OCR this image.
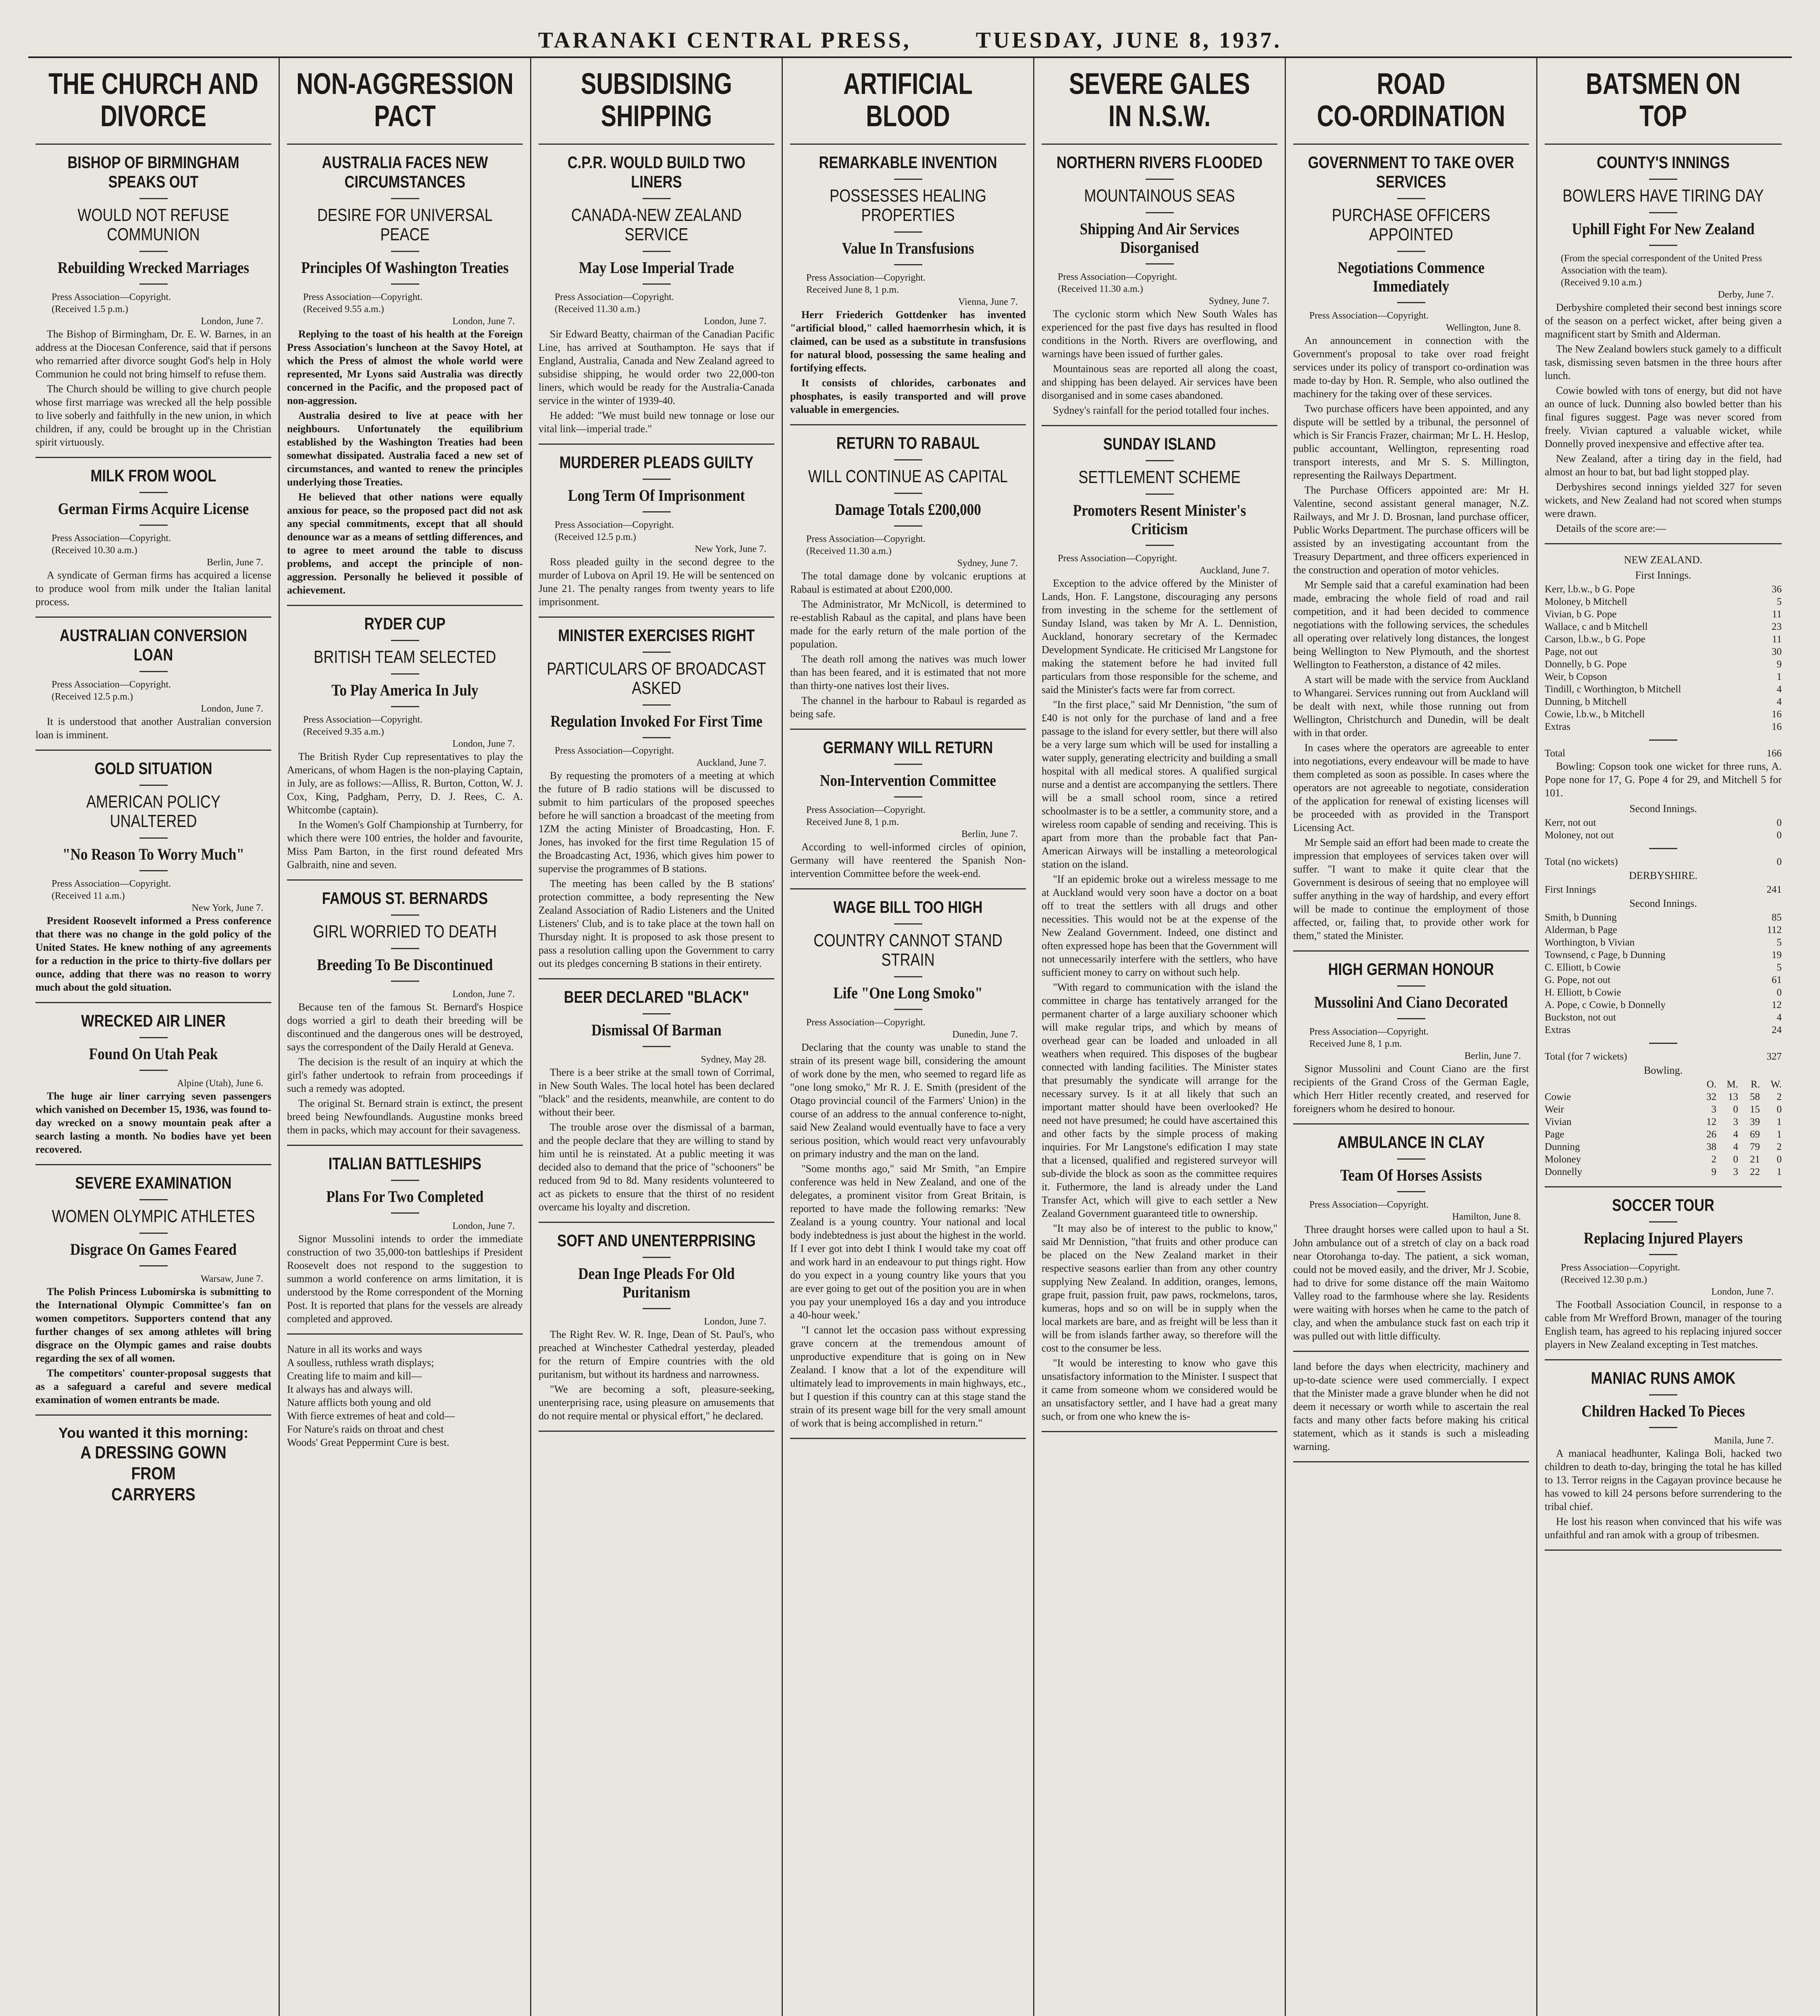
TARANAKI CENTRAL PRESS,	TUESDAY, JUNE 8, 1937.
THE CHURCH AND
DIVORCE
BISHOP OF BIRMINGHAM SPEAKS OUT
WOULD NOT REFUSE COMMUNION
Rebuilding Wrecked Marriages
Press Association—Copyright.
(Received 1.5 p.m.)
London, June 7.

The Bishop of Birmingham, Dr. E. W. Barnes, in an address at the Diocesan Conference, said that if persons who remarried after divorce sought God's help in Holy Communion he could not bring himself to refuse them.

The Church should be willing to give church people whose first marriage was wrecked all the help possible to live soberly and faithfully in the new union, in which children, if any, could be brought up in the Christian spirit virtuously.

MILK FROM WOOL
German Firms Acquire License
Press Association—Copyright.
(Received 10.30 a.m.)
Berlin, June 7.

A syndicate of German firms has acquired a license to produce wool from milk under the Italian lanital process.

AUSTRALIAN CONVERSION LOAN
Press Association—Copyright.
(Received 12.5 p.m.)
London, June 7.

It is understood that another Australian conversion loan is imminent.

GOLD SITUATION
AMERICAN POLICY UNALTERED
"No Reason To Worry Much"
Press Association—Copyright.
(Received 11 a.m.)
New York, June 7.

President Roosevelt informed a Press conference that there was no change in the gold policy of the United States. He knew nothing of any agreements for a reduction in the price to thirty-five dollars per ounce, adding that there was no reason to worry much about the gold situation.

WRECKED AIR LINER
Found On Utah Peak
Alpine (Utah), June 6.

The huge air liner carrying seven passengers which vanished on December 15, 1936, was found to-day wrecked on a snowy mountain peak after a search lasting a month. No bodies have yet been recovered.

SEVERE EXAMINATION
WOMEN OLYMPIC ATHLETES
Disgrace On Games Feared
Warsaw, June 7.

The Polish Princess Lubomirska is submitting to the International Olympic Committee's fan on women competitors. Supporters contend that any further changes of sex among athletes will bring disgrace on the Olympic games and raise doubts regarding the sex of all women.

The competitors' counter-proposal suggests that as a safeguard a careful and severe medical examination of women entrants be made.

You wanted it this morning:
A DRESSING GOWN
FROM
CARRYERS
NON-AGGRESSION
PACT
AUSTRALIA FACES NEW CIRCUMSTANCES
DESIRE FOR UNIVERSAL PEACE
Principles Of Washington Treaties
Press Association—Copyright.
(Received 9.55 a.m.)
London, June 7.

Replying to the toast of his health at the Foreign Press Association's luncheon at the Savoy Hotel, at which the Press of almost the whole world were represented, Mr Lyons said Australia was directly concerned in the Pacific, and the proposed pact of non-aggression.

Australia desired to live at peace with her neighbours. Unfortunately the equilibrium established by the Washington Treaties had been somewhat dissipated. Australia faced a new set of circumstances, and wanted to renew the principles underlying those Treaties.

He believed that other nations were equally anxious for peace, so the proposed pact did not ask any special commitments, except that all should denounce war as a means of settling differences, and to agree to meet around the table to discuss problems, and accept the principle of non-aggression. Personally he believed it possible of achievement.

RYDER CUP
BRITISH TEAM SELECTED
To Play America In July
Press Association—Copyright.
(Received 9.35 a.m.)
London, June 7.

The British Ryder Cup representatives to play the Americans, of whom Hagen is the non-playing Captain, in July, are as follows:—Alliss, R. Burton, Cotton, W. J. Cox, King, Padgham, Perry, D. J. Rees, C. A. Whitcombe (captain).

In the Women's Golf Championship at Turnberry, for which there were 100 entries, the holder and favourite, Miss Pam Barton, in the first round defeated Mrs Galbraith, nine and seven.

FAMOUS ST. BERNARDS
GIRL WORRIED TO DEATH
Breeding To Be Discontinued
London, June 7.

Because ten of the famous St. Bernard's Hospice dogs worried a girl to death their breeding will be discontinued and the dangerous ones will be destroyed, says the correspondent of the Daily Herald at Geneva.

The decision is the result of an inquiry at which the girl's father undertook to refrain from proceedings if such a remedy was adopted.

The original St. Bernard strain is extinct, the present breed being Newfoundlands. Augustine monks breed them in packs, which may account for their savageness.

ITALIAN BATTLESHIPS
Plans For Two Completed
London, June 7.

Signor Mussolini intends to order the immediate construction of two 35,000-ton battleships if President Roosevelt does not respond to the suggestion to summon a world conference on arms limitation, it is understood by the Rome correspondent of the Morning Post. It is reported that plans for the vessels are already completed and approved.

Nature in all its works and ways
A soulless, ruthless wrath displays;
Creating life to maim and kill—
It always has and always will.
Nature afflicts both young and old
With fierce extremes of heat and cold—
For Nature's raids on throat and chest
Woods' Great Peppermint Cure is best.
SUBSIDISING
SHIPPING
C.P.R. WOULD BUILD TWO LINERS
CANADA-NEW ZEALAND SERVICE
May Lose Imperial Trade
Press Association—Copyright.
(Received 11.30 a.m.)
London, June 7.

Sir Edward Beatty, chairman of the Canadian Pacific Line, has arrived at Southampton. He says that if England, Australia, Canada and New Zealand agreed to subsidise shipping, he would order two 22,000-ton liners, which would be ready for the Australia-Canada service in the winter of 1939-40.

He added: "We must build new tonnage or lose our vital link—imperial trade."

MURDERER PLEADS GUILTY
Long Term Of Imprisonment
Press Association—Copyright.
(Received 12.5 p.m.)
New York, June 7.

Ross pleaded guilty in the second degree to the murder of Lubova on April 19. He will be sentenced on June 21. The penalty ranges from twenty years to life imprisonment.

MINISTER EXERCISES RIGHT
PARTICULARS OF BROADCAST ASKED
Regulation Invoked For First Time
Press Association—Copyright.
Auckland, June 7.

By requesting the promoters of a meeting at which the future of B radio stations will be discussed to submit to him particulars of the proposed speeches before he will sanction a broadcast of the meeting from 1ZM the acting Minister of Broadcasting, Hon. F. Jones, has invoked for the first time Regulation 15 of the Broadcasting Act, 1936, which gives him power to supervise the programmes of B stations.

The meeting has been called by the B stations' protection committee, a body representing the New Zealand Association of Radio Listeners and the United Listeners' Club, and is to take place at the town hall on Thursday night. It is proposed to ask those present to pass a resolution calling upon the Government to carry out its pledges concerning B stations in their entirety.

BEER DECLARED "BLACK"
Dismissal Of Barman
Sydney, May 28.

There is a beer strike at the small town of Corrimal, in New South Wales. The local hotel has been declared "black" and the residents, meanwhile, are content to do without their beer.

The trouble arose over the dismissal of a barman, and the people declare that they are willing to stand by him until he is reinstated. At a public meeting it was decided also to demand that the price of "schooners" be reduced from 9d to 8d. Many residents volunteered to act as pickets to ensure that the thirst of no resident overcame his loyalty and discretion.

SOFT AND UNENTERPRISING
Dean Inge Pleads For Old Puritanism
London, June 7.

The Right Rev. W. R. Inge, Dean of St. Paul's, who preached at Winchester Cathedral yesterday, pleaded for the return of Empire countries with the old puritanism, but without its hardness and narrowness.

"We are becoming a soft, pleasure-seeking, unenterprising race, using pleasure on amusements that do not require mental or physical effort," he declared.

ARTIFICIAL
BLOOD
REMARKABLE INVENTION
POSSESSES HEALING PROPERTIES
Value In Transfusions
Press Association—Copyright.
Received June 8, 1 p.m.
Vienna, June 7.

Herr Friederich Gottdenker has invented "artificial blood," called haemorrhesin which, it is claimed, can be used as a substitute in transfusions for natural blood, possessing the same healing and fortifying effects.

It consists of chlorides, carbonates and phosphates, is easily transported and will prove valuable in emergencies.

RETURN TO RABAUL
WILL CONTINUE AS CAPITAL
Damage Totals £200,000
Press Association—Copyright.
(Received 11.30 a.m.)
Sydney, June 7.

The total damage done by volcanic eruptions at Rabaul is estimated at about £200,000.

The Administrator, Mr McNicoll, is determined to re-establish Rabaul as the capital, and plans have been made for the early return of the male portion of the population.

The death roll among the natives was much lower than has been feared, and it is estimated that not more than thirty-one natives lost their lives.

The channel in the harbour to Rabaul is regarded as being safe.

GERMANY WILL RETURN
Non-Intervention Committee
Press Association—Copyright.
Received June 8, 1 p.m.
Berlin, June 7.

According to well-informed circles of opinion, Germany will have reentered the Spanish Non-intervention Committee before the week-end.

WAGE BILL TOO HIGH
COUNTRY CANNOT STAND STRAIN
Life "One Long Smoko"
Press Association—Copyright.
Dunedin, June 7.

Declaring that the county was unable to stand the strain of its present wage bill, considering the amount of work done by the men, who seemed to regard life as "one long smoko," Mr R. J. E. Smith (president of the Otago provincial council of the Farmers' Union) in the course of an address to the annual conference to-night, said New Zealand would eventually have to face a very serious position, which would react very unfavourably on primary industry and the man on the land.

"Some months ago," said Mr Smith, "an Empire conference was held in New Zealand, and one of the delegates, a prominent visitor from Great Britain, is reported to have made the following remarks: 'New Zealand is a young country. Your national and local body indebtedness is just about the highest in the world. If I ever got into debt I think I would take my coat off and work hard in an endeavour to put things right. How do you expect in a young country like yours that you are ever going to get out of the position you are in when you pay your unemployed 16s a day and you introduce a 40-hour week.'

"I cannot let the occasion pass without expressing grave concern at the tremendous amount of unproductive expenditure that is going on in New Zealand. I know that a lot of the expenditure will ultimately lead to improvements in main highways, etc., but I question if this country can at this stage stand the strain of its present wage bill for the very small amount of work that is being accomplished in return."

SEVERE GALES
IN N.S.W.
NORTHERN RIVERS FLOODED
MOUNTAINOUS SEAS
Shipping And Air Services Disorganised
Press Association—Copyright.
(Received 11.30 a.m.)
Sydney, June 7.

The cyclonic storm which New South Wales has experienced for the past five days has resulted in flood conditions in the North. Rivers are overflowing, and warnings have been issued of further gales.

Mountainous seas are reported all along the coast, and shipping has been delayed. Air services have been disorganised and in some cases abandoned.

Sydney's rainfall for the period totalled four inches.

SUNDAY ISLAND
SETTLEMENT SCHEME
Promoters Resent Minister's Criticism
Press Association—Copyright.
Auckland, June 7.

Exception to the advice offered by the Minister of Lands, Hon. F. Langstone, discouraging any persons from investing in the scheme for the settlement of Sunday Island, was taken by Mr A. L. Dennistion, Auckland, honorary secretary of the Kermadec Development Syndicate. He criticised Mr Langstone for making the statement before he had invited full particulars from those responsible for the scheme, and said the Minister's facts were far from correct.

"In the first place," said Mr Dennistion, "the sum of £40 is not only for the purchase of land and a free passage to the island for every settler, but there will also be a very large sum which will be used for installing a water supply, generating electricity and building a small hospital with all medical stores. A qualified surgical nurse and a dentist are accompanying the settlers. There will be a small school room, since a retired schoolmaster is to be a settler, a community store, and a wireless room capable of sending and receiving. This is apart from more than the probable fact that Pan-American Airways will be installing a meteorological station on the island.

"If an epidemic broke out a wireless message to me at Auckland would very soon have a doctor on a boat off to treat the settlers with all drugs and other necessities. This would not be at the expense of the New Zealand Government. Indeed, one distinct and often expressed hope has been that the Government will not unnecessarily interfere with the settlers, who have sufficient money to carry on without such help.

"With regard to communication with the island the committee in charge has tentatively arranged for the permanent charter of a large auxiliary schooner which will make regular trips, and which by means of overhead gear can be loaded and unloaded in all weathers when required. This disposes of the bugbear connected with landing facilities. The Minister states that presumably the syndicate will arrange for the necessary survey. Is it at all likely that such an important matter should have been overlooked? He need not have presumed; he could have ascertained this and other facts by the simple process of making inquiries. For Mr Langstone's edification I may state that a licensed, qualified and registered surveyor will sub-divide the block as soon as the committee requires it. Futhermore, the land is already under the Land Transfer Act, which will give to each settler a New Zealand Government guaranteed title to ownership.

"It may also be of interest to the public to know," said Mr Dennistion, "that fruits and other produce can be placed on the New Zealand market in their respective seasons earlier than from any other country supplying New Zealand. In addition, oranges, lemons, grape fruit, passion fruit, paw paws, rockmelons, taros, kumeras, hops and so on will be in supply when the local markets are bare, and as freight will be less than it will be from islands farther away, so therefore will the cost to the consumer be less.

"It would be interesting to know who gave this unsatisfactory information to the Minister. I suspect that it came from someone whom we considered would be an unsatisfactory settler, and I have had a great many such, or from one who knew the is-

ROAD
CO-ORDINATION
GOVERNMENT TO TAKE OVER SERVICES
PURCHASE OFFICERS APPOINTED
Negotiations Commence Immediately
Press Association—Copyright.
Wellington, June 8.

An announcement in connection with the Government's proposal to take over road freight services under its policy of transport co-ordination was made to-day by Hon. R. Semple, who also outlined the machinery for the taking over of these services.

Two purchase officers have been appointed, and any dispute will be settled by a tribunal, the personnel of which is Sir Francis Frazer, chairman; Mr L. H. Heslop, public accountant, Wellington, representing road transport interests, and Mr S. S. Millington, representing the Railways Department.

The Purchase Officers appointed are: Mr H. Valentine, second assistant general manager, N.Z. Railways, and Mr J. D. Brosnan, land purchase officer, Public Works Department. The purchase officers will be assisted by an investigating accountant from the Treasury Department, and three officers experienced in the construction and operation of motor vehicles.

Mr Semple said that a careful examination had been made, embracing the whole field of road and rail competition, and it had been decided to commence negotiations with the following services, the schedules all operating over relatively long distances, the longest being Wellington to New Plymouth, and the shortest Wellington to Featherston, a distance of 42 miles.

A start will be made with the service from Auckland to Whangarei. Services running out from Auckland will be dealt with next, while those running out from Wellington, Christchurch and Dunedin, will be dealt with in that order.

In cases where the operators are agreeable to enter into negotiations, every endeavour will be made to have them completed as soon as possible. In cases where the operators are not agreeable to negotiate, consideration of the application for renewal of existing licenses will be proceeded with as provided in the Transport Licensing Act.

Mr Semple said an effort had been made to create the impression that employees of services taken over will suffer. "I want to make it quite clear that the Government is desirous of seeing that no employee will suffer anything in the way of hardship, and every effort will be made to continue the employment of those affected, or, failing that, to provide other work for them," stated the Minister.

HIGH GERMAN HONOUR
Mussolini And Ciano Decorated
Press Association—Copyright.
Received June 8, 1 p.m.
Berlin, June 7.

Signor Mussolini and Count Ciano are the first recipients of the Grand Cross of the German Eagle, which Herr Hitler recently created, and reserved for foreigners whom he desired to honour.

AMBULANCE IN CLAY
Team Of Horses Assists
Press Association—Copyright.
Hamilton, June 8.

Three draught horses were called upon to haul a St. John ambulance out of a stretch of clay on a back road near Otorohanga to-day. The patient, a sick woman, could not be moved easily, and the driver, Mr J. Scobie, had to drive for some distance off the main Waitomo Valley road to the farmhouse where she lay. Residents were waiting with horses when he came to the patch of clay, and when the ambulance stuck fast on each trip it was pulled out with little difficulty.

land before the days when electricity, machinery and up-to-date science were used commercially. I expect that the Minister made a grave blunder when he did not deem it necessary or worth while to ascertain the real facts and many other facts before making his critical statement, which as it stands is such a misleading warning.

BATSMEN ON
TOP
COUNTY'S INNINGS
BOWLERS HAVE TIRING DAY
Uphill Fight For New Zealand
(From the special correspondent of the United Press Association with the team).
(Received 9.10 a.m.)
Derby, June 7.

Derbyshire completed their second best innings score of the season on a perfect wicket, after being given a magnificent start by Smith and Alderman.

The New Zealand bowlers stuck gamely to a difficult task, dismissing seven batsmen in the three hours after lunch.

Cowie bowled with tons of energy, but did not have an ounce of luck. Dunning also bowled better than his final figures suggest. Page was never scored from freely. Vivian captured a valuable wicket, while Donnelly proved inexpensive and effective after tea.

New Zealand, after a tiring day in the field, had almost an hour to bat, but bad light stopped play.

Derbyshires second innings yielded 327 for seven wickets, and New Zealand had not scored when stumps were drawn.

Details of the score are:—

NEW ZEALAND.
First Innings.
Kerr, l.b.w., b G. Pope	36
Moloney, b Mitchell	5
Vivian, b G. Pope	11
Wallace, c and b Mitchell	23
Carson, l.b.w., b G. Pope	11
Page, not out	30
Donnelly, b G. Pope	9
Weir, b Copson	1
Tindill, c Worthington, b Mitchell	4
Dunning, b Mitchell	4
Cowie, l.b.w., b Mitchell	16
Extras	16
Total	166

Bowling: Copson took one wicket for three runs, A. Pope none for 17, G. Pope 4 for 29, and Mitchell 5 for 101.

Second Innings.
Kerr, not out	0
Moloney, not out	0
Total (no wickets)	0
DERBYSHIRE.
First Innings	241
Second Innings.
Smith, b Dunning	85
Alderman, b Page	112
Worthington, b Vivian	5
Townsend, c Page, b Dunning	19
C. Elliott, b Cowie	5
G. Pope, not out	61
H. Elliott, b Cowie	0
A. Pope, c Cowie, b Donnelly	12
Buckston, not out	4
Extras	24
Total (for 7 wickets)	327
Bowling.
O.	M.	R.	W.
Cowie	32	13	58	2
Weir	3	0	15	0
Vivian	12	3	39	1
Page	26	4	69	1
Dunning	38	4	79	2
Moloney	2	0	21	0
Donnelly	9	3	22	1
SOCCER TOUR
Replacing Injured Players
Press Association—Copyright.
(Received 12.30 p.m.)
London, June 7.

The Football Association Council, in response to a cable from Mr Wrefford Brown, manager of the touring English team, has agreed to his replacing injured soccer players in New Zealand excepting in Test matches.

MANIAC RUNS AMOK
Children Hacked To Pieces
Manila, June 7.

A maniacal headhunter, Kalinga Boli, hacked two children to death to-day, bringing the total he has killed to 13. Terror reigns in the Cagayan province because he has vowed to kill 24 persons before surrendering to the tribal chief.

He lost his reason when convinced that his wife was unfaithful and ran amok with a group of tribesmen.
